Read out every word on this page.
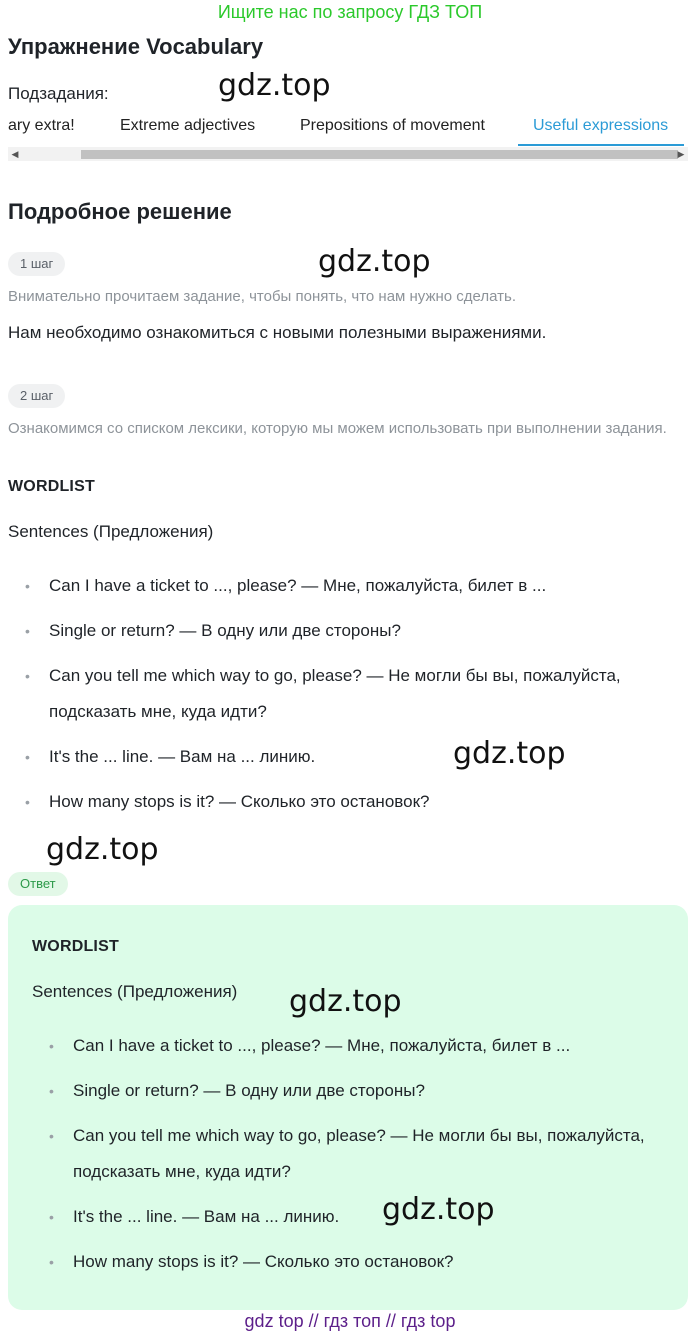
Ищите нас по запросу ГДЗ ТОП
Упражнение Vocabulary
Подзадания:	gdz.top
ary extra!	Extreme adjectives	Prepositions of movement	Useful expressions
◀	▶
Подробное решение
1 шаг	gdz.top
Внимательно прочитаем задание, чтобы понять, что нам нужно сделать.
Нам необходимо ознакомиться с новыми полезными выражениями.
2 шаг
Ознакомимся со списком лексики, которую мы можем использовать при выполнении задания.
WORDLIST
Sentences (Предложения)
• Can I have a ticket to ..., please? — Мне, пожалуйста, билет в ...
• Single or return? — В одну или две стороны?
• Can you tell me which way to go, please? — Не могли бы вы, пожалуйста, подсказать мне, куда идти?
• It's the ... line. — Вам на ... линию.
• How many stops is it? — Сколько это остановок?
gdz.top
gdz.top
Ответ
WORDLIST
Sentences (Предложения) gdz.top
• Can I have a ticket to ..., please? — Мне, пожалуйста, билет в ...
• Single or return? — В одну или две стороны?
• Can you tell me which way to go, please? — Не могли бы вы, пожалуйста, подсказать мне, куда идти?
• It's the ... line. — Вам на ... линию.
• How many stops is it? — Сколько это остановок?
gdz.top
gdz top // гдз топ // гдз top
